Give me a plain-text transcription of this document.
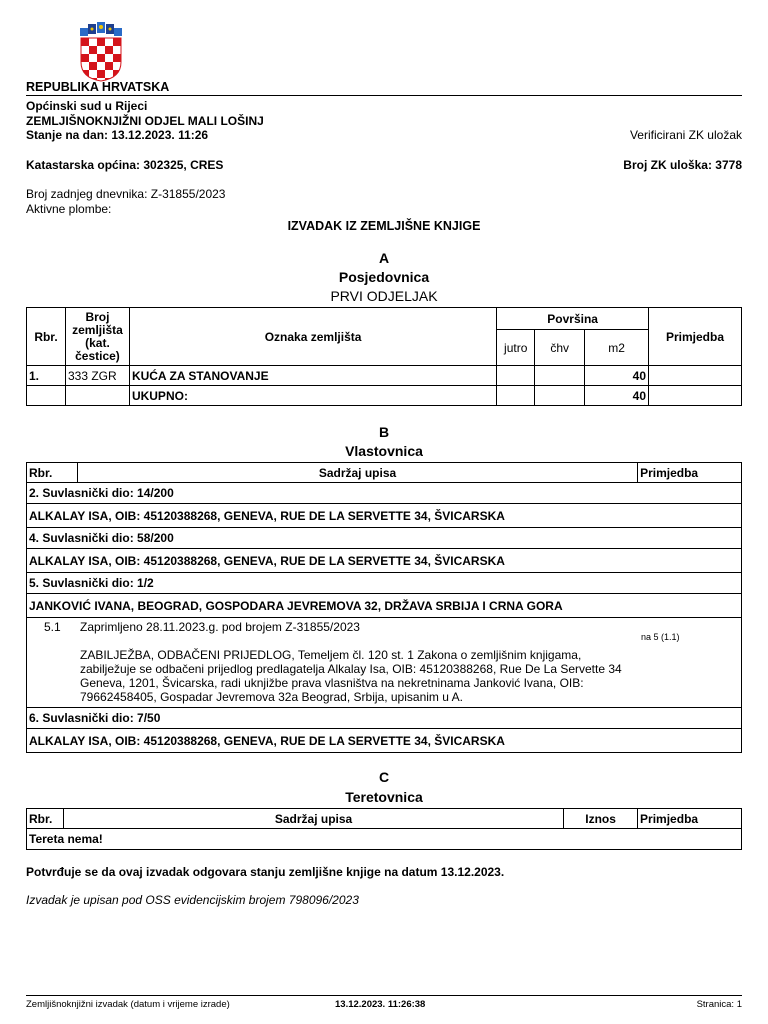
REPUBLIKA HRVATSKA
Općinski sud u Rijeci
ZEMLJIŠNOKNJIŽNI ODJEL MALI LOŠINJ
Stanje na dan: 13.12.2023. 11:26	Verificirani ZK uložak
Katastarska općina: 302325, CRES	Broj ZK uloška: 3778
Broj zadnjeg dnevnika: Z-31855/2023
Aktivne plombe:
IZVADAK IZ ZEMLJIŠNE KNJIGE
A
Posjedovnica
PRVI ODJELJAK
Rbr.	Broj zemljišta (kat. čestice)	Oznaka zemljišta	Površina			Primjedba
			jutro	čhv	m2	
1.	333 ZGR	KUĆA ZA STANOVANJE			40	
		UKUPNO:			40	
B
Vlastovnica
Rbr.	Sadržaj upisa	Primjedba
2. Suvlasnički dio: 14/200
ALKALAY ISA, OIB: 45120388268, GENEVA, RUE DE LA SERVETTE 34, ŠVICARSKA
4. Suvlasnički dio: 58/200
ALKALAY ISA, OIB: 45120388268, GENEVA, RUE DE LA SERVETTE 34, ŠVICARSKA
5. Suvlasnički dio: 1/2
JANKOVIĆ IVANA, BEOGRAD, GOSPODARA JEVREMOVA 32, DRŽAVA SRBIJA I CRNA GORA

5.1 Zaprimljeno 28.11.2023.g. pod brojem Z-31855/2023
na 5 (1.1)
ZABILJEŽBA, ODBAČENI PRIJEDLOG, Temeljem čl. 120 st. 1 Zakona o zemljišnim knjigama, zabilježuje se odbačeni prijedlog predlagatelja Alkalay Isa, OIB: 45120388268, Rue De La Servette 34 Geneva, 1201, Švicarska, radi uknjižbe prava vlasništva na nekretninama Janković Ivana, OIB: 79662458405, Gospadar Jevremova 32a Beograd, Srbija, upisanim u A.

6. Suvlasnički dio: 7/50
ALKALAY ISA, OIB: 45120388268, GENEVA, RUE DE LA SERVETTE 34, ŠVICARSKA
C
Teretovnica
Rbr.	Sadržaj upisa	Iznos	Primjedba
Tereta nema!
Potvrđuje se da ovaj izvadak odgovara stanju zemljišne knjige na datum 13.12.2023.
Izvadak je upisan pod OSS evidencijskim brojem 798096/2023
Zemljišnoknjižni izvadak (datum i vrijeme izrade)	13.12.2023. 11:26:38	Stranica: 1
